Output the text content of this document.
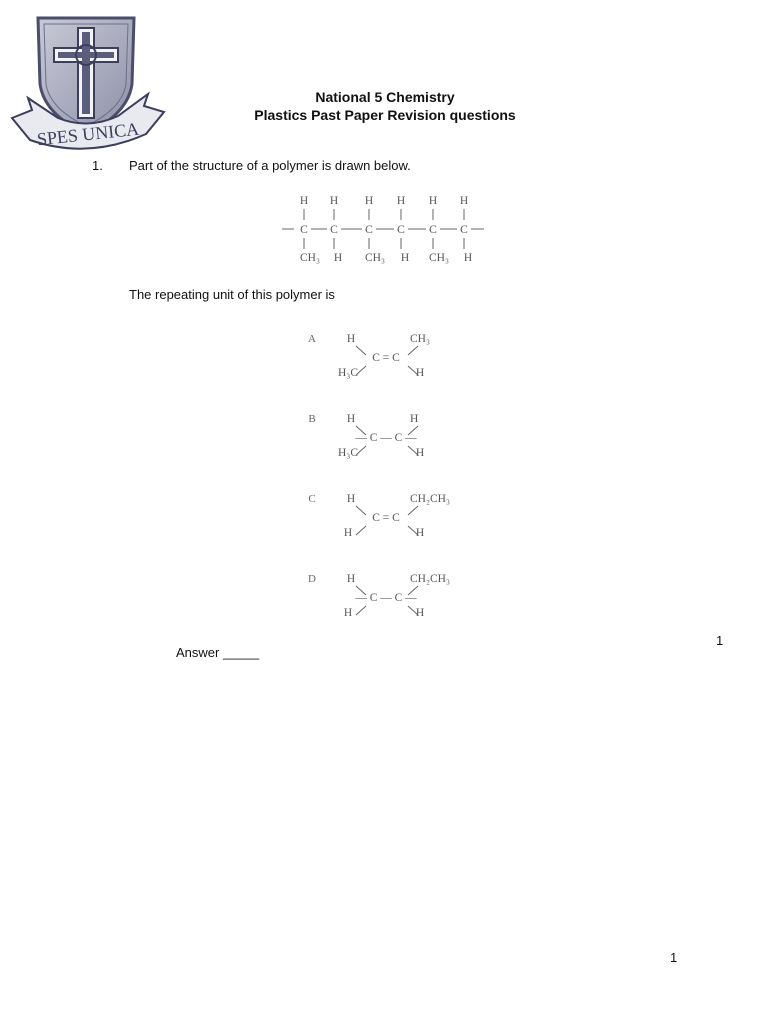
SPES UNICA
National 5 Chemistry
Plastics Past Paper Revision questions
1. Part of the structure of a polymer is drawn below.
H
C
CH₃
H
C
H
H
C
CH₃
H
C
H
H
C
CH₃
H
C
H
The repeating unit of this polymer is
A	H	CH₃
C = C
H₃C	H
B	H	H
— C — C —
H₃C	H
C	H	CH₂CH₃
C = C
H	H
D	H	CH₂CH₃
— C — C —
H	H
1
Answer _____
1
